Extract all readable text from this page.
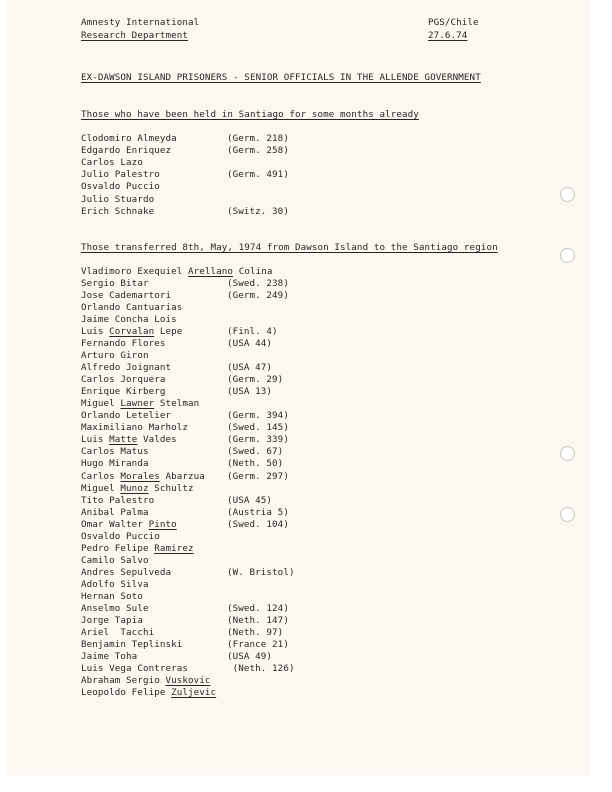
Amnesty International
Research Department
PGS/Chile
27.6.74
EX-DAWSON ISLAND PRISONERS - SENIOR OFFICIALS IN THE ALLENDE GOVERNMENT
Those who have been held in Santiago for some months already
Clodomiro Almeyda	(Germ. 218)
Edgardo Enriquez	(Germ. 258)
Carlos Lazo
Julio Palestro	(Germ. 491)
Osvaldo Puccio
Julio Stuardo
Erich Schnake	(Switz. 30)
Those transferred 8th, May, 1974 from Dawson Island to the Santiago region
Vladimoro Exequiel Arellano Colina
Sergio Bitar	(Swed. 238)
Jose Cademartori	(Germ. 249)
Orlando Cantuarias
Jaime Concha Lois
Luis Corvalan Lepe	(Finl. 4)
Fernando Flores	(USA 44)
Arturo Giron
Alfredo Joignant	(USA 47)
Carlos Jorquera	(Germ. 29)
Enrique Kirberg	(USA 13)
Miguel Lawner Stelman
Orlando Letelier	(Germ. 394)
Maximiliano Marholz	(Swed. 145)
Luis Matte Valdes	(Germ. 339)
Carlos Matus	(Swed. 67)
Hugo Miranda	(Neth. 50)
Carlos Morales Abarzua (Germ. 297)
Miguel Munoz Schultz
Tito Palestro	(USA 45)
Anibal Palma	(Austria 5)
Omar Walter Pinto	(Swed. 104)
Osvaldo Puccio
Pedro Felipe Ramirez
Camilo Salvo
Andres Sepulveda	(W. Bristol)
Adolfo Silva
Hernan Soto
Anselmo Sule	(Swed. 124)
Jorge Tapia	(Neth. 147)
Ariel  Tacchi	(Neth. 97)
Benjamin Teplinski	(France 21)
Jaime Toha	(USA 49)
Luis Vega Contreras	(Neth. 126)
Abraham Sergio Vuskovic
Leopoldo Felipe Zuljevic
